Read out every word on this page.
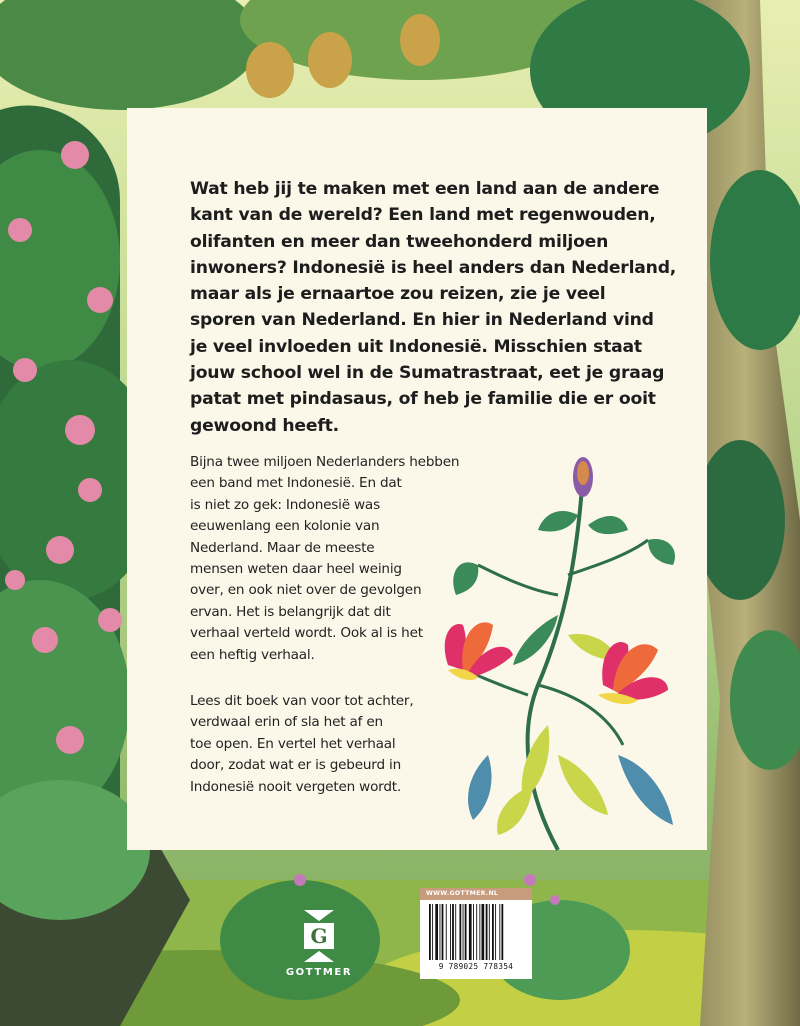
Wat heb jij te maken met een land aan de andere
kant van de wereld? Een land met regenwouden,
olifanten en meer dan tweehonderd miljoen
inwoners? Indonesië is heel anders dan Nederland,
maar als je ernaartoe zou reizen, zie je veel
sporen van Nederland. En hier in Nederland vind
je veel invloeden uit Indonesië. Misschien staat
jouw school wel in de Sumatrastraat, eet je graag
patat met pindasaus, of heb je familie die er ooit
gewoond heeft.
Bijna twee miljoen Nederlanders hebben
een band met Indonesië. En dat
is niet zo gek: Indonesië was
eeuwenlang een kolonie van
Nederland. Maar de meeste
mensen weten daar heel weinig
over, en ook niet over de gevolgen
ervan. Het is belangrijk dat dit
verhaal verteld wordt. Ook al is het
een heftig verhaal.
Lees dit boek van voor tot achter,
verdwaal erin of sla het af en
toe open. En vertel het verhaal
door, zodat wat er is gebeurd in
Indonesië nooit vergeten wordt.
G
GOTTMER
WWW.GOTTMER.NL
9 789025 778354
